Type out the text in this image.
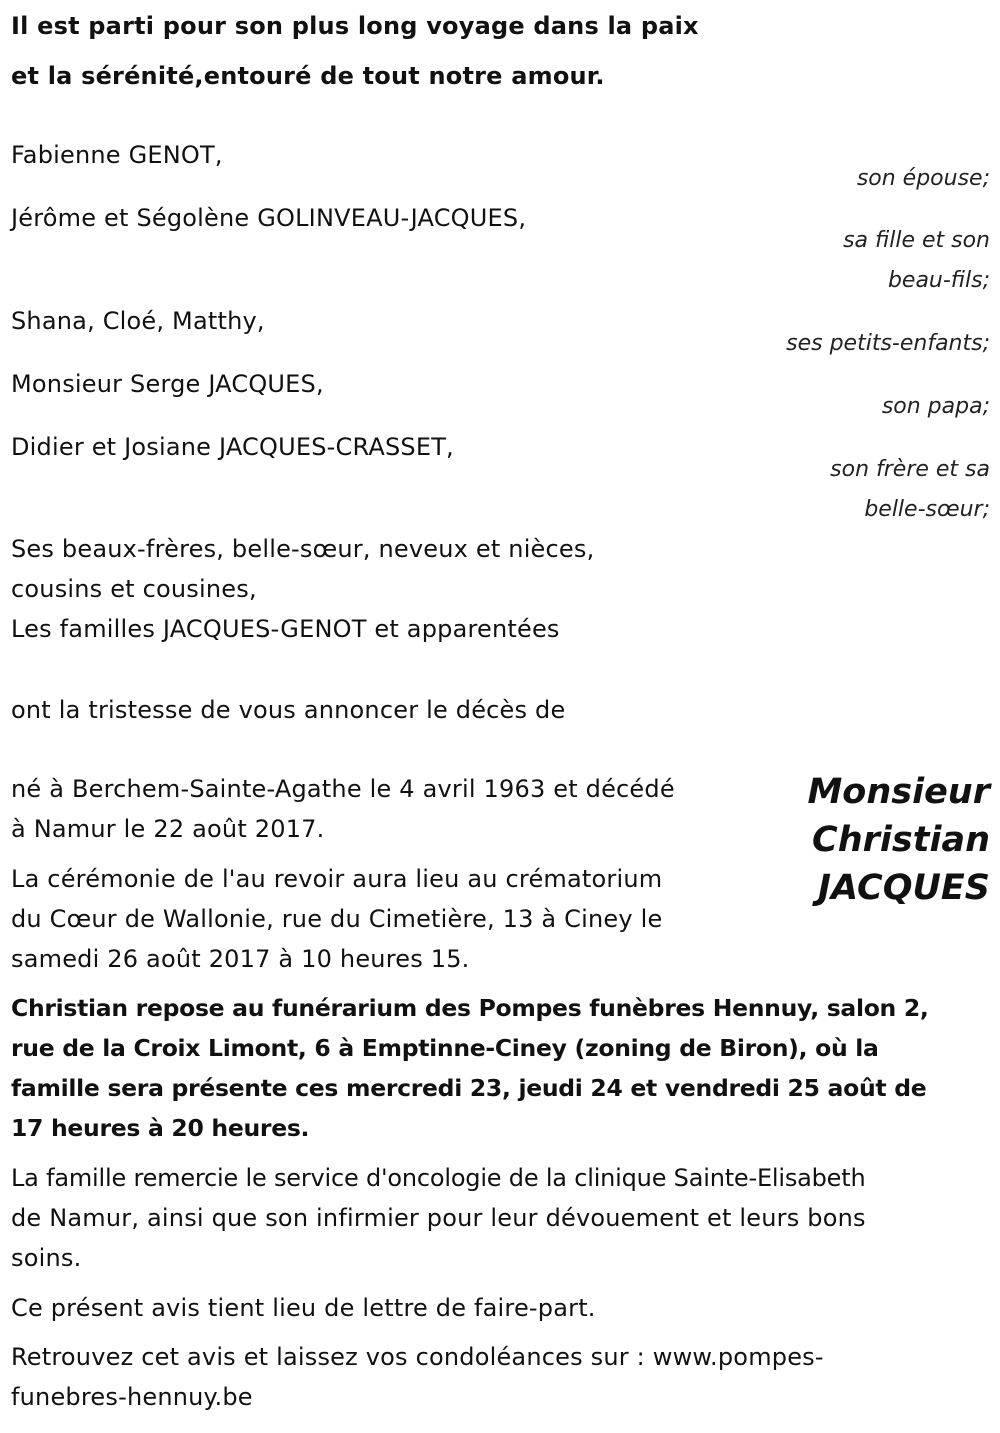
Il est parti pour son plus long voyage dans la paix
et la sérénité,entouré de tout notre amour.
Fabienne GENOT,
Jérôme et Ségolène GOLINVEAU-JACQUES,
Shana, Cloé, Matthy,
Monsieur Serge JACQUES,
Didier et Josiane JACQUES-CRASSET,
son épouse;
sa fille et son
beau-fils;
ses petits-enfants;
son papa;
son frère et sa
belle-sœur;
Ses beaux-frères, belle-sœur, neveux et nièces,
cousins et cousines,
Les familles JACQUES-GENOT et apparentées
ont la tristesse de vous annoncer le décès de
Monsieur
Christian
JACQUES
né à Berchem-Sainte-Agathe le 4 avril 1963 et décédé
à Namur le 22 août 2017.
La cérémonie de l'au revoir aura lieu au crématorium
du Cœur de Wallonie, rue du Cimetière, 13 à Ciney le
samedi 26 août 2017 à 10 heures 15.
Christian repose au funérarium des Pompes funèbres Hennuy, salon 2,
rue de la Croix Limont, 6 à Emptinne-Ciney (zoning de Biron), où la
famille sera présente ces mercredi 23, jeudi 24 et vendredi 25 août de
17 heures à 20 heures.
La famille remercie le service d'oncologie de la clinique Sainte-Elisabeth
de Namur, ainsi que son infirmier pour leur dévouement et leurs bons
soins.
Ce présent avis tient lieu de lettre de faire-part.
Retrouvez cet avis et laissez vos condoléances sur : www.pompes-
funebres-hennuy.be
